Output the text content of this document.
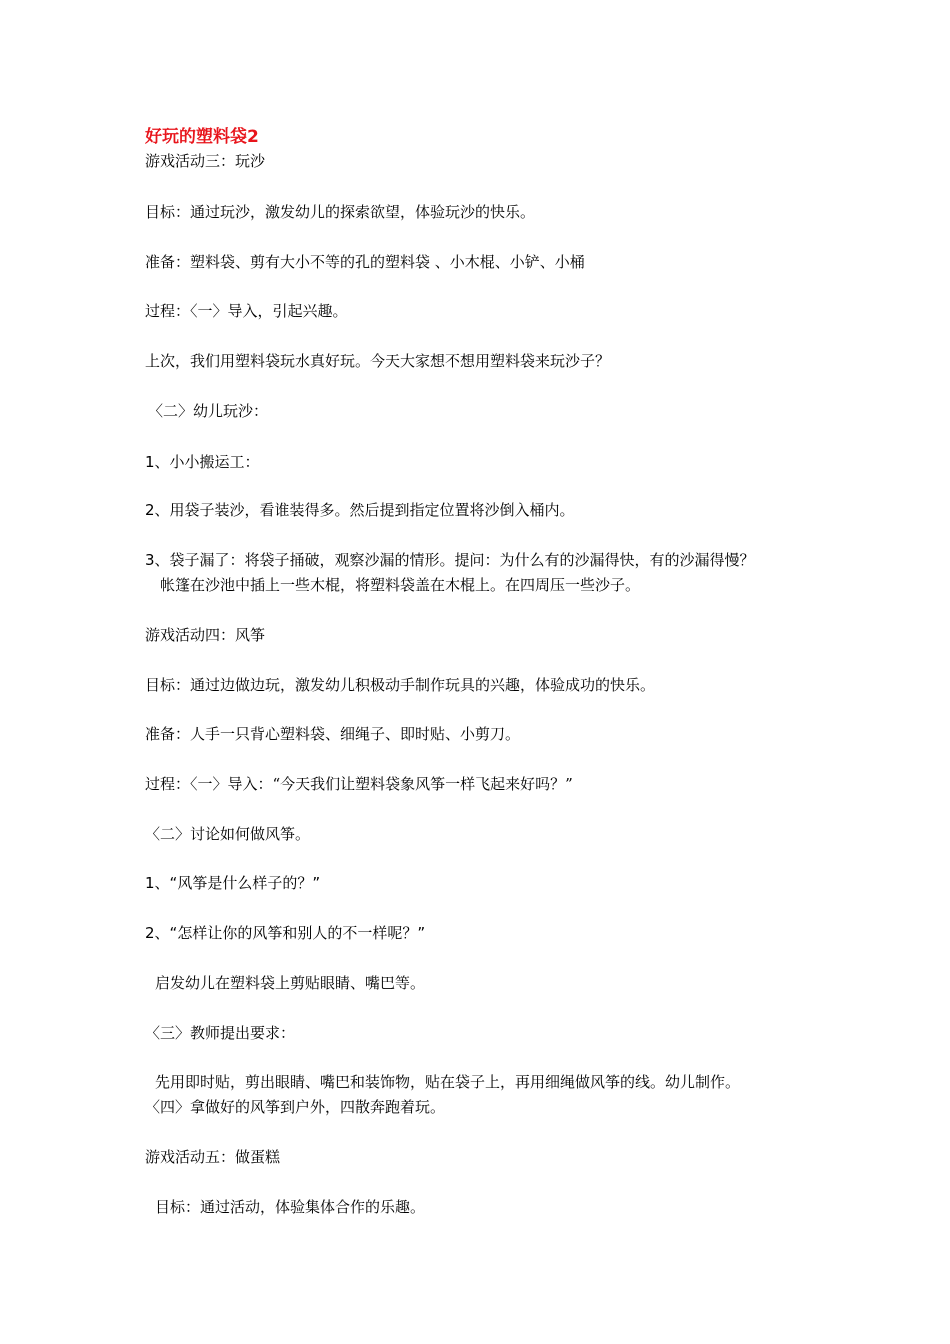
好玩的塑料袋2
游戏活动三：玩沙
目标：通过玩沙，激发幼儿的探索欲望，体验玩沙的快乐。
准备：塑料袋、剪有大小不等的孔的塑料袋 、小木棍、小铲、小桶
过程：〈一〉导入，引起兴趣。
上次，我们用塑料袋玩水真好玩。今天大家想不想用塑料袋来玩沙子？
〈二〉幼儿玩沙：
1、小小搬运工：
2、用袋子装沙，看谁装得多。然后提到指定位置将沙倒入桶内。
3、袋子漏了：将袋子捅破，观察沙漏的情形。提问：为什么有的沙漏得快，有的沙漏得慢？
帐篷在沙池中插上一些木棍，将塑料袋盖在木棍上。在四周压一些沙子。
游戏活动四：风筝
目标：通过边做边玩，激发幼儿积极动手制作玩具的兴趣，体验成功的快乐。
准备：人手一只背心塑料袋、细绳子、即时贴、小剪刀。
过程：〈一〉导入：“今天我们让塑料袋象风筝一样飞起来好吗？”
〈二〉讨论如何做风筝。
1、“风筝是什么样子的？”
2、“怎样让你的风筝和别人的不一样呢？”
启发幼儿在塑料袋上剪贴眼睛、嘴巴等。
〈三〉教师提出要求：
先用即时贴，剪出眼睛、嘴巴和装饰物，贴在袋子上，再用细绳做风筝的线。幼儿制作。
〈四〉拿做好的风筝到户外，四散奔跑着玩。
游戏活动五：做蛋糕
目标：通过活动，体验集体合作的乐趣。
